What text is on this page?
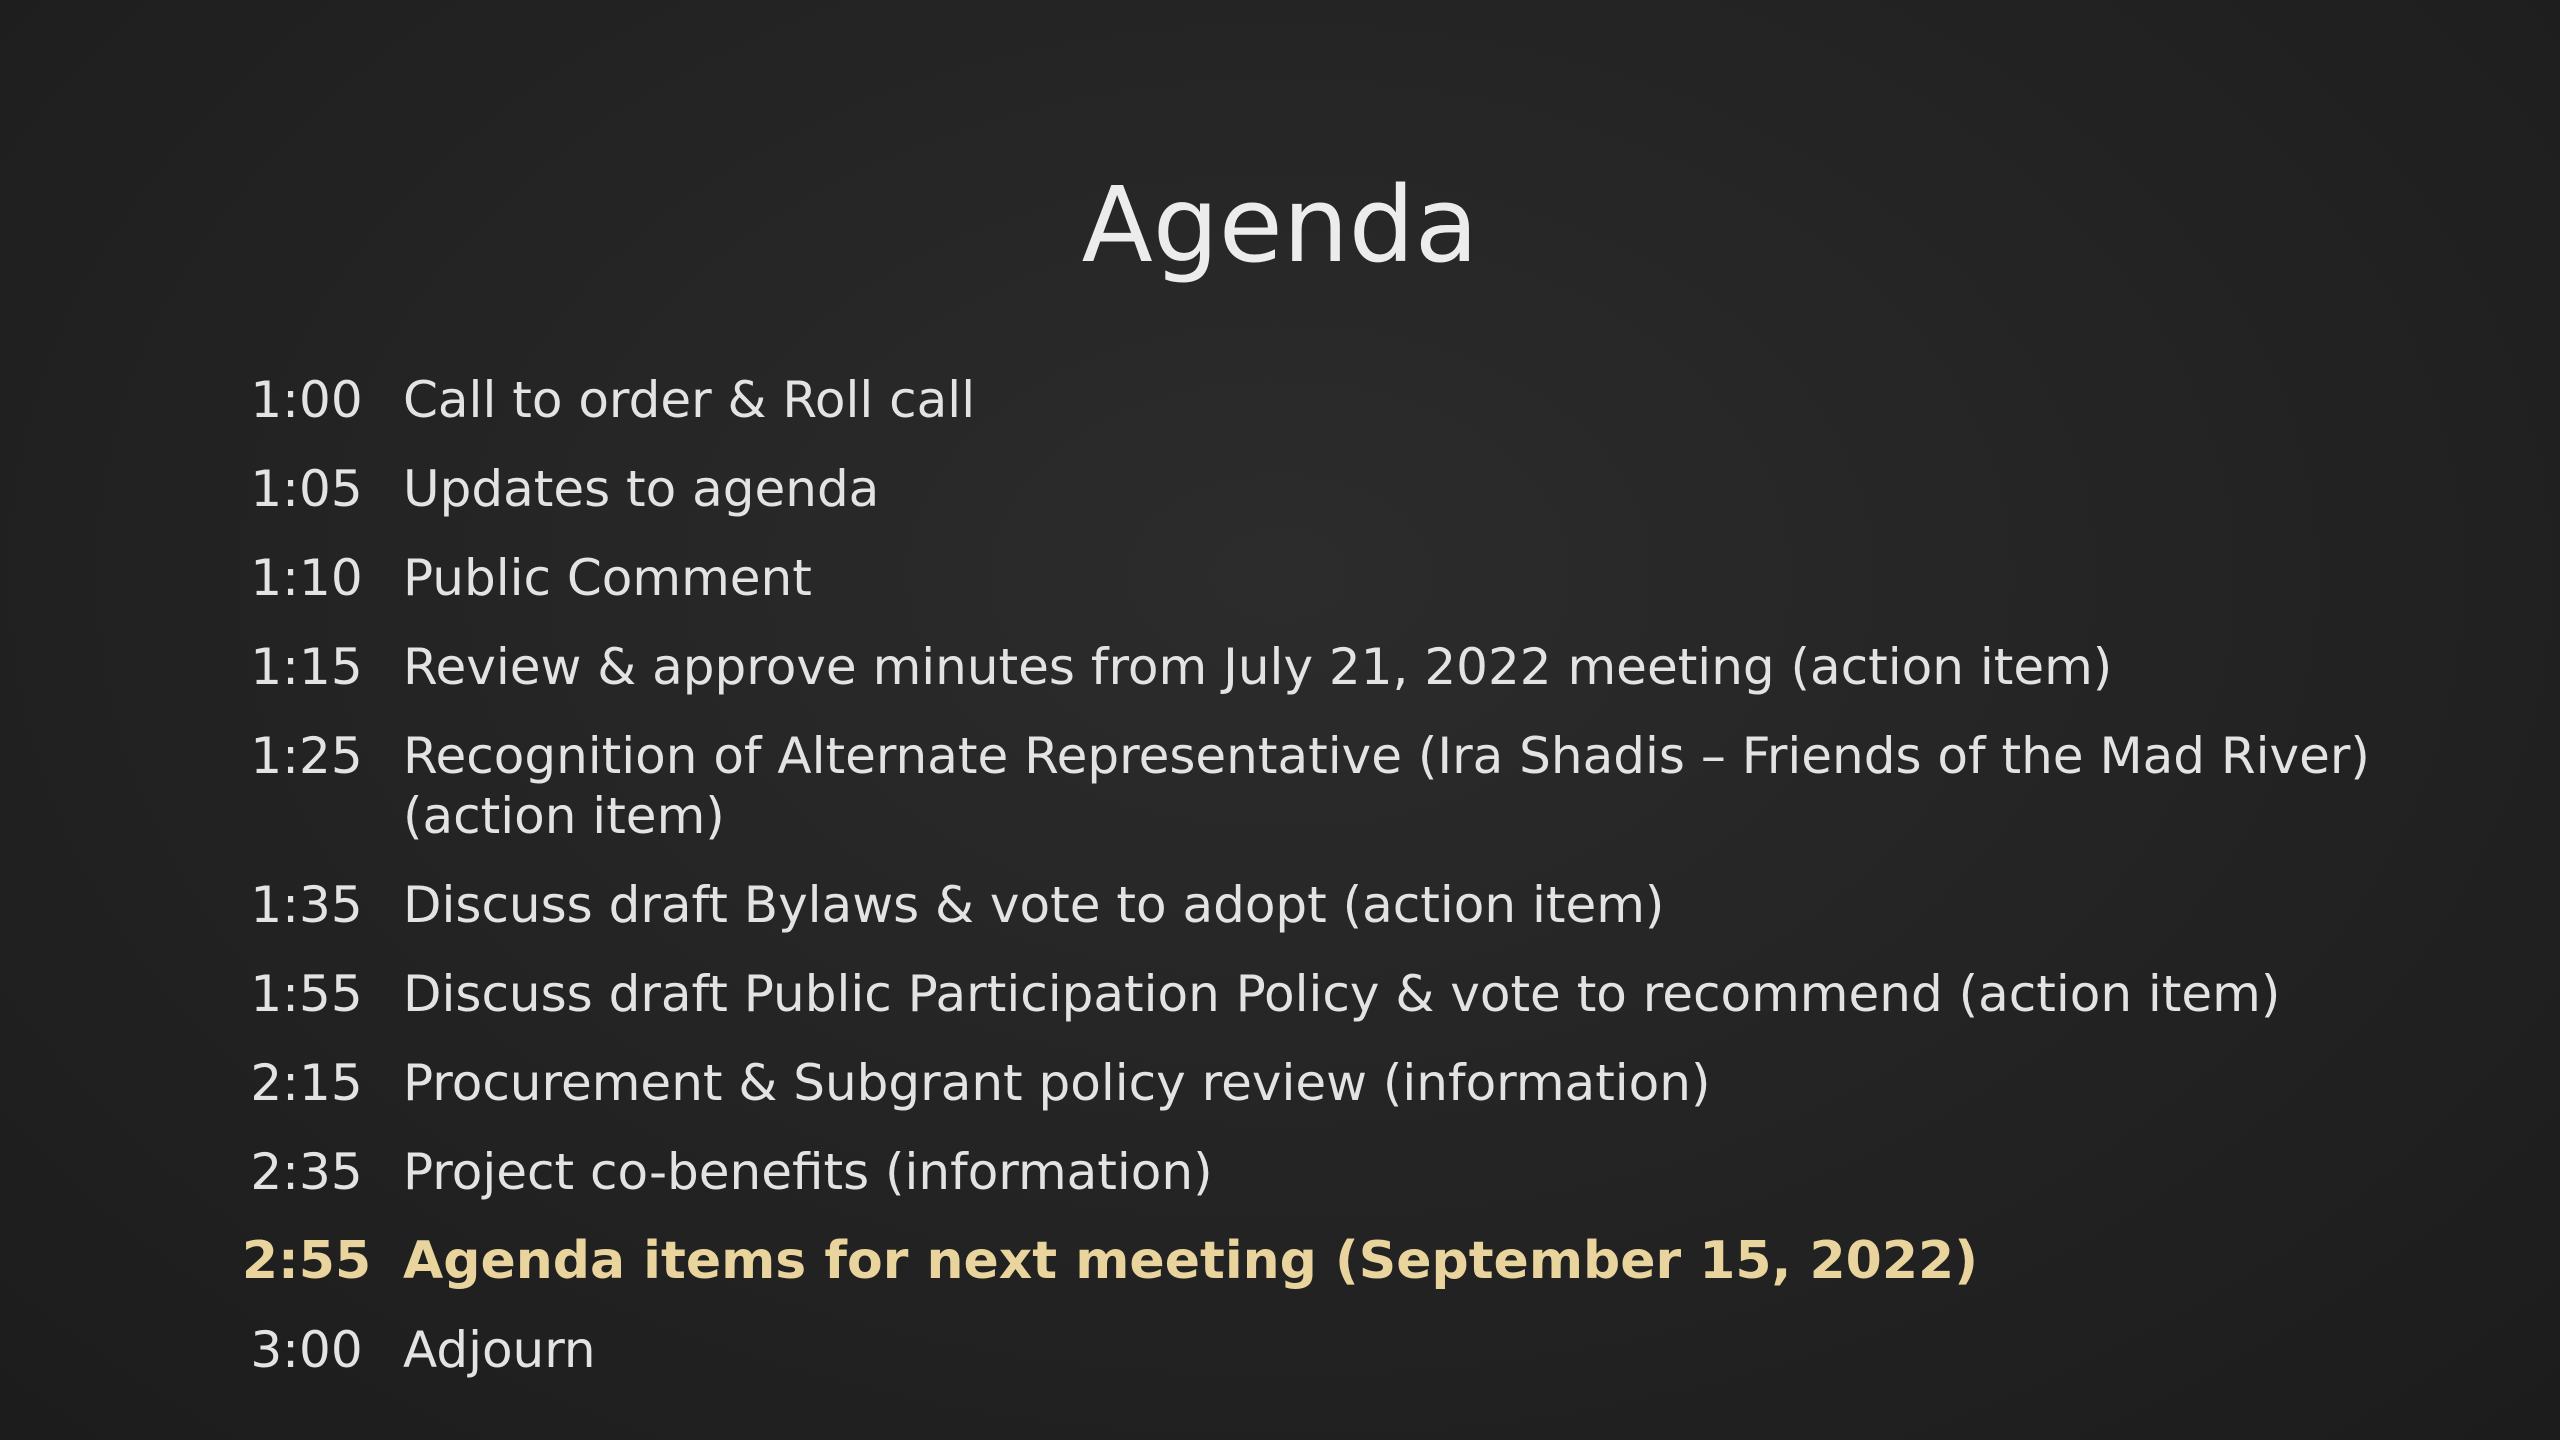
Agenda
1:00 Call to order & Roll call
1:05 Updates to agenda
1:10 Public Comment
1:15 Review & approve minutes from July 21, 2022 meeting (action item)
1:25 Recognition of Alternate Representative (Ira Shadis – Friends of the Mad River) (action item)
1:35 Discuss draft Bylaws & vote to adopt (action item)
1:55 Discuss draft Public Participation Policy & vote to recommend (action item)
2:15 Procurement & Subgrant policy review (information)
2:35 Project co-benefits (information)
2:55 Agenda items for next meeting (September 15, 2022)
3:00 Adjourn
